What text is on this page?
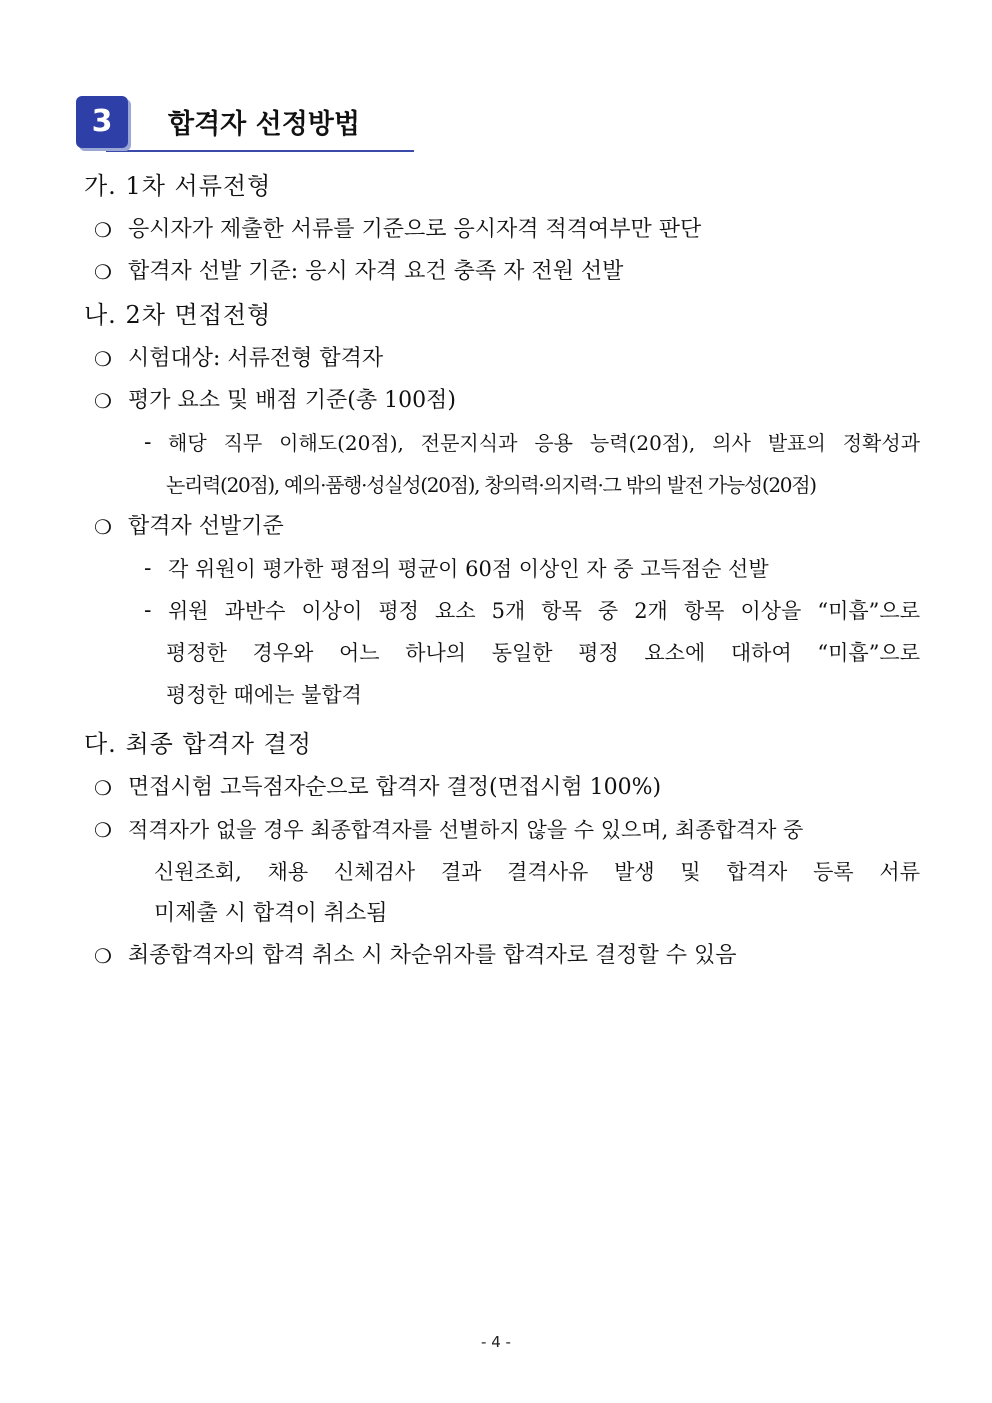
3	합격자 선정방법
가. 1차 서류전형
❍ 응시자가 제출한 서류를 기준으로 응시자격 적격여부만 판단
❍ 합격자 선발 기준: 응시 자격 요건 충족 자 전원 선발
나. 2차 면접전형
❍ 시험대상: 서류전형 합격자
❍ 평가 요소 및 배점 기준(총 100점)
- 해당 직무 이해도(20점), 전문지식과 응용 능력(20점), 의사 발표의 정확성과
논리력(20점), 예의·품행·성실성(20점), 창의력·의지력·그 밖의 발전 가능성(20점)
❍ 합격자 선발기준
- 각 위원이 평가한 평점의 평균이 60점 이상인 자 중 고득점순 선발
- 위원 과반수 이상이 평정 요소 5개 항목 중 2개 항목 이상을 “미흡”으로
평정한 경우와 어느 하나의 동일한 평정 요소에 대하여 “미흡”으로
평정한 때에는 불합격
다. 최종 합격자 결정
❍ 면접시험 고득점자순으로 합격자 결정(면접시험 100%)
❍ 적격자가 없을 경우 최종합격자를 선별하지 않을 수 있으며, 최종합격자 중
신원조회, 채용 신체검사 결과 결격사유 발생 및 합격자 등록 서류
미제출 시 합격이 취소됨
❍ 최종합격자의 합격 취소 시 차순위자를 합격자로 결정할 수 있음
- 4 -
